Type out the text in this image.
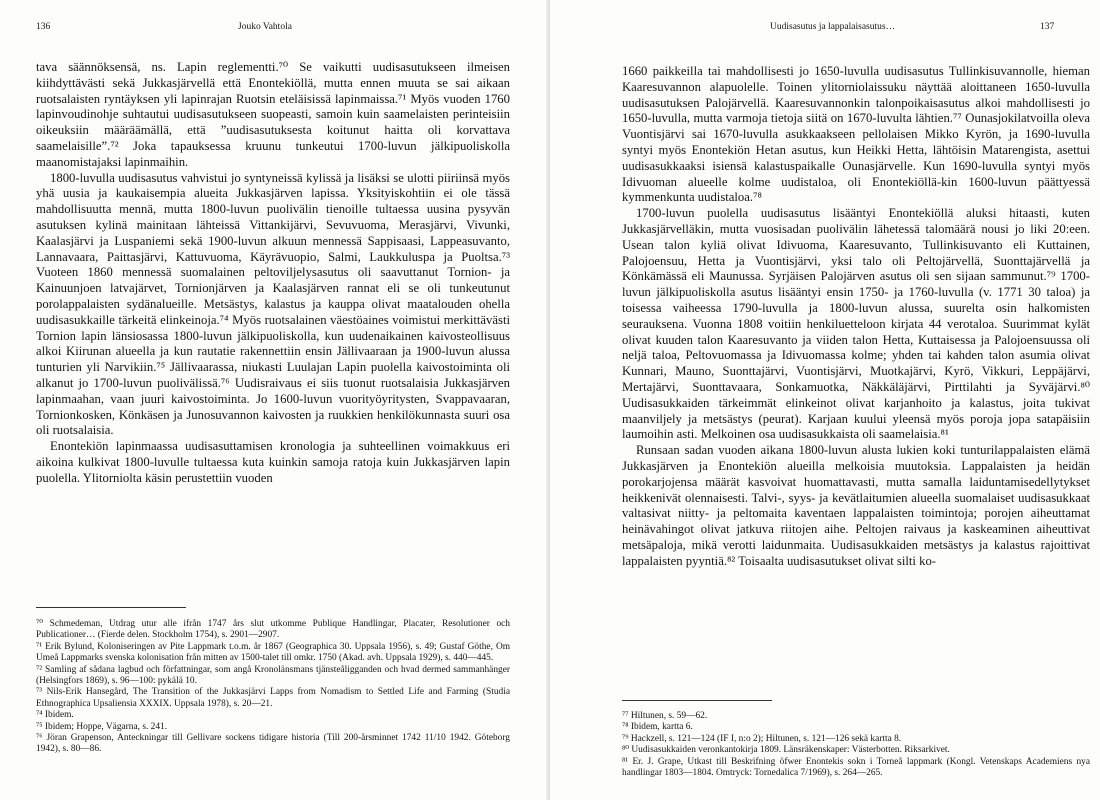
136	Jouko Vahtola

tava säännöksensä, ns. Lapin reglementti.⁷⁰ Se vaikutti uudisasutukseen ilmeisen kiihdyttävästi sekä Jukkasjärvellä että Enontekiöllä, mutta ennen muuta se sai aikaan ruotsalaisten ryntäyksen yli lapinrajan Ruotsin eteläisissä lapinmaissa.⁷¹ Myös vuoden 1760 lapinvoudinohje suhtautui uudisasutukseen suopeasti, samoin kuin saamelaisten perinteisiin oikeuksiin määräämällä, että ”uudisasutuksesta koitunut haitta oli korvattava saamelaisille”.⁷² Joka tapauksessa kruunu tunkeutui 1700-luvun jälkipuoliskolla maanomistajaksi lapinmaihin.

1800-luvulla uudisasutus vahvistui jo syntyneissä kylissä ja lisäksi se ulotti piiriinsä myös yhä uusia ja kaukaisempia alueita Jukkasjärven lapissa. Yksityiskohtiin ei ole tässä mahdollisuutta mennä, mutta 1800-luvun puolivälin tienoille tultaessa uusina pysyvän asutuksen kylinä mainitaan lähteissä Vittankijärvi, Sevuvuoma, Merasjärvi, Vivunki, Kaalasjärvi ja Luspaniemi sekä 1900-luvun alkuun mennessä Sappisaasi, Lappeasuvanto, Lannavaara, Paittasjärvi, Kattuvuoma, Käyrävuopio, Salmi, Laukkuluspa ja Puoltsa.⁷³ Vuoteen 1860 mennessä suomalainen peltoviljelysasutus oli saavuttanut Tornion- ja Kainuunjoen latvajärvet, Tornionjärven ja Kaalasjärven rannat eli se oli tunkeutunut porolappalaisten sydänalueille. Metsästys, kalastus ja kauppa olivat maatalouden ohella uudisasukkaille tärkeitä elinkeinoja.⁷⁴ Myös ruotsalainen väestöaines voimistui merkittävästi Tornion lapin länsiosassa 1800-luvun jälkipuoliskolla, kun uudenaikainen kaivosteollisuus alkoi Kiirunan alueella ja kun rautatie rakennettiin ensin Jällivaaraan ja 1900-luvun alussa tunturien yli Narvikiin.⁷⁵ Jällivaarassa, niukasti Luulajan Lapin puolella kaivostoiminta oli alkanut jo 1700-luvun puolivälissä.⁷⁶ Uudisraivaus ei siis tuonut ruotsalaisia Jukkasjärven lapinmaahan, vaan juuri kaivostoiminta. Jo 1600-luvun vuorityöyritysten, Svappavaaran, Tornionkosken, Könkäsen ja Junosuvannon kaivosten ja ruukkien henkilökunnasta suuri osa oli ruotsalaisia.

Enontekiön lapinmaassa uudisasuttamisen kronologia ja suhteellinen voimakkuus eri aikoina kulkivat 1800-luvulle tultaessa kuta kuinkin samoja ratoja kuin Jukkasjärven lapin puolella. Ylitorniolta käsin perustettiin vuoden

⁷⁰ Schmedeman, Utdrag utur alle ifrån 1747 års slut utkomme Publique Handlingar, Placater, Resolutioner och Publicationer… (Fierde delen. Stockholm 1754), s. 2901—2907.

⁷¹ Erik Bylund, Koloniseringen av Pite Lappmark t.o.m. år 1867 (Geographica 30. Uppsala 1956), s. 49; Gustaf Göthe, Om Umeå Lappmarks svenska kolonisation från mitten av 1500-talet till omkr. 1750 (Akad. avh. Uppsala 1929), s. 440—445.

⁷² Samling af sådana lagbud och författningar, som angå Kronolänsmans tjänsteåligganden och hvad dermed sammanhänger (Helsingfors 1869), s. 96—100: pykälä 10.

⁷³ Nils-Erik Hansegård, The Transition of the Jukkasjärvi Lapps from Nomadism to Settled Life and Farming (Studia Ethnographica Upsaliensia XXXIX. Uppsala 1978), s. 20—21.

⁷⁴ Ibidem.

⁷⁵ Ibidem; Hoppe, Vägarna, s. 241.

⁷⁶ Jöran Grapenson, Anteckningar till Gellivare sockens tidigare historia (Till 200-årsminnet 1742 11/10 1942. Göteborg 1942), s. 80—86.

Uudisasutus ja lappalaisasutus…	137

1660 paikkeilla tai mahdollisesti jo 1650-luvulla uudisasutus Tullinkisuvannolle, hieman Kaaresuvannon alapuolelle. Toinen ylitorniolaissuku näyttää aloittaneen 1650-luvulla uudisasutuksen Palojärvellä. Kaaresuvannonkin talonpoikaisasutus alkoi mahdollisesti jo 1650-luvulla, mutta varmoja tietoja siitä on 1670-luvulta lähtien.⁷⁷ Ounasjokilatvoilla oleva Vuontisjärvi sai 1670-luvulla asukkaakseen pellolaisen Mikko Kyrön, ja 1690-luvulla syntyi myös Enontekiön Hetan asutus, kun Heikki Hetta, lähtöisin Matarengista, asettui uudisasukkaaksi isiensä kalastuspaikalle Ounasjärvelle. Kun 1690-luvulla syntyi myös Idivuoman alueelle kolme uudistaloa, oli Enontekiöllä-kin 1600-luvun päättyessä kymmenkunta uudistaloa.⁷⁸

1700-luvun puolella uudisasutus lisääntyi Enontekiöllä aluksi hitaasti, kuten Jukkasjärvelläkin, mutta vuosisadan puolivälin lähetessä talomäärä nousi jo liki 20:een. Usean talon kyliä olivat Idivuoma, Kaaresuvanto, Tullinkisuvanto eli Kuttainen, Palojoensuu, Hetta ja Vuontisjärvi, yksi talo oli Peltojärvellä, Suonttajärvellä ja Könkämässä eli Maunussa. Syrjäisen Palojärven asutus oli sen sijaan sammunut.⁷⁹ 1700-luvun jälkipuoliskolla asutus lisääntyi ensin 1750- ja 1760-luvulla (v. 1771 30 taloa) ja toisessa vaiheessa 1790-luvulla ja 1800-luvun alussa, suurelta osin halkomisten seurauksena. Vuonna 1808 voitiin henkiluetteloon kirjata 44 verotaloa. Suurimmat kylät olivat kuuden talon Kaaresuvanto ja viiden talon Hetta, Kuttaisessa ja Palojoensuussa oli neljä taloa, Peltovuomassa ja Idivuomassa kolme; yhden tai kahden talon asumia olivat Kunnari, Mauno, Suonttajärvi, Vuontisjärvi, Muotkajärvi, Kyrö, Vikkuri, Leppäjärvi, Mertajärvi, Suonttavaara, Sonkamuotka, Näkkäläjärvi, Pirttilahti ja Syväjärvi.⁸⁰ Uudisasukkaiden tärkeimmät elinkeinot olivat karjanhoito ja kalastus, joita tukivat maanviljely ja metsästys (peurat). Karjaan kuului yleensä myös poroja jopa satapäisiin laumoihin asti. Melkoinen osa uudisasukkaista oli saamelaisia.⁸¹

Runsaan sadan vuoden aikana 1800-luvun alusta lukien koki tunturilappalaisten elämä Jukkasjärven ja Enontekiön alueilla melkoisia muutoksia. Lappalaisten ja heidän porokarjojensa määrät kasvoivat huomattavasti, mutta samalla laiduntamisedellytykset heikkenivät olennaisesti. Talvi-, syys- ja kevätlaitumien alueella suomalaiset uudisasukkaat valtasivat niitty- ja peltomaita kaventaen lappalaisten toimintoja; porojen aiheuttamat heinävahingot olivat jatkuva riitojen aihe. Peltojen raivaus ja kaskeaminen aiheuttivat metsäpaloja, mikä verotti laidunmaita. Uudisasukkaiden metsästys ja kalastus rajoittivat lappalaisten pyyntiä.⁸² Toisaalta uudisasutukset olivat silti ko-

⁷⁷ Hiltunen, s. 59—62.

⁷⁸ Ibidem, kartta 6.

⁷⁹ Hackzell, s. 121—124 (IF I, n:o 2); Hiltunen, s. 121—126 sekä kartta 8.

⁸⁰ Uudisasukkaiden veronkantokirja 1809. Länsräkenskaper: Västerbotten. Riksarkivet.

⁸¹ Er. J. Grape, Utkast till Beskrifning öfwer Enontekis sokn i Torneå lappmark (Kongl. Vetenskaps Academiens nya handlingar 1803—1804. Omtryck: Tornedalica 7/1969), s. 264—265.
